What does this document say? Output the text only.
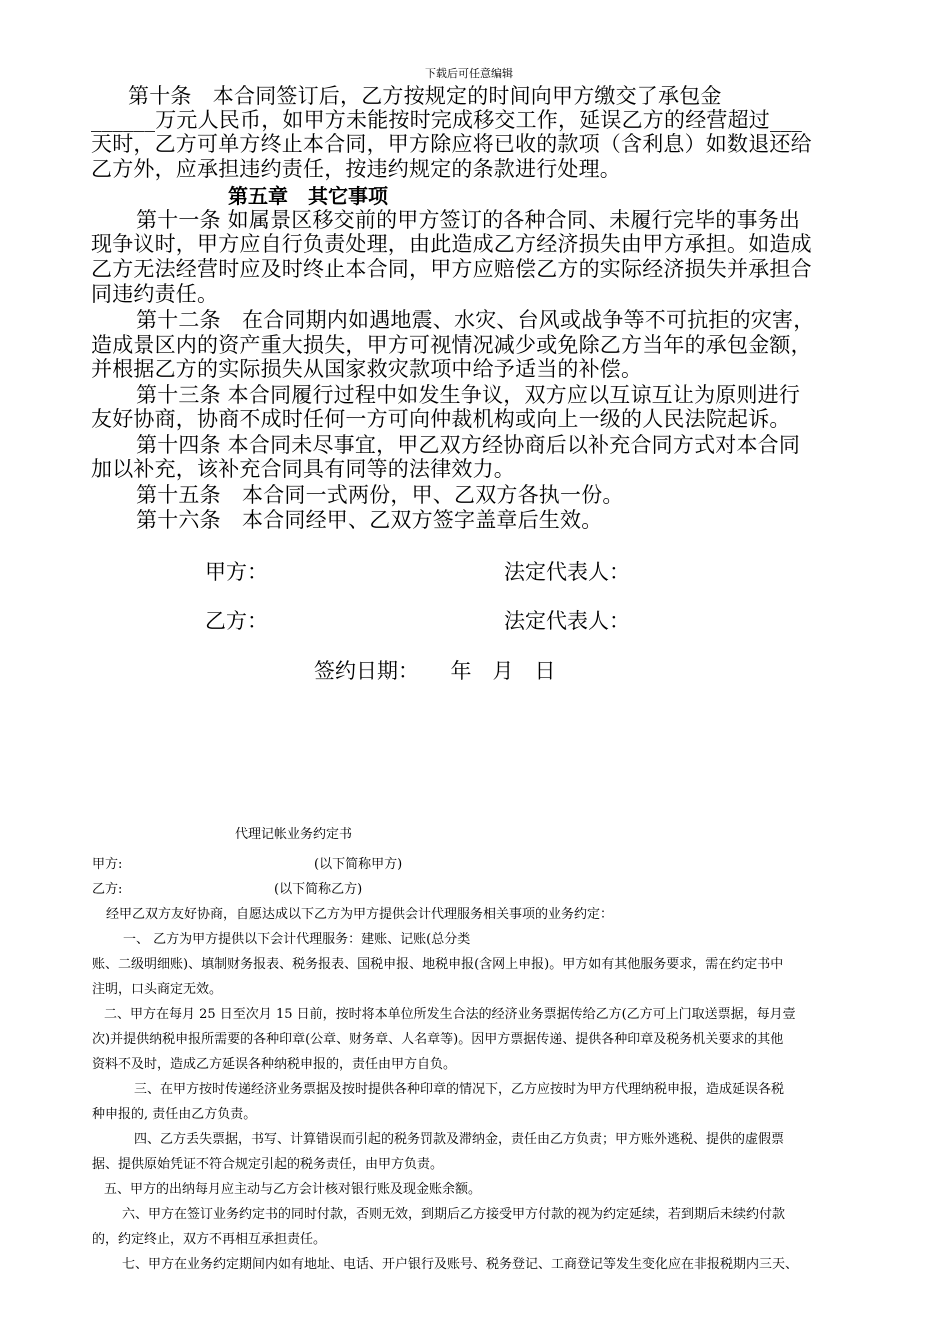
下载后可任意编辑
第十条　本合同签订后，乙方按规定的时间向甲方缴交了承包金
______万元人民币，如甲方未能按时完成移交工作，延误乙方的经营超过___
天时，乙方可单方终止本合同，甲方除应将已收的款项（含利息）如数退还给
乙方外，应承担违约责任，按违约规定的条款进行处理。
第五章　其它事项
第十一条 如属景区移交前的甲方签订的各种合同、未履行完毕的事务出
现争议时，甲方应自行负责处理，由此造成乙方经济损失由甲方承担。如造成
乙方无法经营时应及时终止本合同，甲方应赔偿乙方的实际经济损失并承担合
同违约责任。
第十二条　在合同期内如遇地震、水灾、台风或战争等不可抗拒的灾害，
造成景区内的资产重大损失，甲方可视情况减少或免除乙方当年的承包金额，
并根据乙方的实际损失从国家救灾款项中给予适当的补偿。
第十三条 本合同履行过程中如发生争议，双方应以互谅互让为原则进行
友好协商，协商不成时任何一方可向仲裁机构或向上一级的人民法院起诉。
第十四条 本合同未尽事宜，甲乙双方经协商后以补充合同方式对本合同
加以补充，该补充合同具有同等的法律效力。
第十五条　本合同一式两份，甲、乙双方各执一份。
第十六条　本合同经甲、乙双方签字盖章后生效。
甲方：	法定代表人：
乙方：	法定代表人：
签约日期：　　年　月　日
代理记帐业务约定书
甲方:	(以下简称甲方)
乙方:	(以下简称乙方)
经甲乙双方友好协商，自愿达成以下乙方为甲方提供会计代理服务相关事项的业务约定：
一、 乙方为甲方提供以下会计代理服务：建账、记账(总分类
账、二级明细账)、填制财务报表、税务报表、国税申报、地税申报(含网上申报)。甲方如有其他服务要求，需在约定书中
注明，口头商定无效。
二、甲方在每月 25 日至次月 15 日前，按时将本单位所发生合法的经济业务票据传给乙方(乙方可上门取送票据，每月壹
次)并提供纳税申报所需要的各种印章(公章、财务章、人名章等)。因甲方票据传递、提供各种印章及税务机关要求的其他
资料不及时，造成乙方延误各种纳税申报的，责任由甲方自负。
三、在甲方按时传递经济业务票据及按时提供各种印章的情况下，乙方应按时为甲方代理纳税申报，造成延误各税
种申报的, 责任由乙方负责。
四、乙方丢失票据，书写、计算错误而引起的税务罚款及滞纳金，责任由乙方负责；甲方账外逃税、提供的虚假票
据、提供原始凭证不符合规定引起的税务责任，由甲方负责。
五、甲方的出纳每月应主动与乙方会计核对银行账及现金账余额。
六、甲方在签订业务约定书的同时付款，否则无效，到期后乙方接受甲方付款的视为约定延续，若到期后未续约付款
的，约定终止，双方不再相互承担责任。
七、甲方在业务约定期间内如有地址、电话、开户银行及账号、税务登记、工商登记等发生变化应在非报税期内三天、
